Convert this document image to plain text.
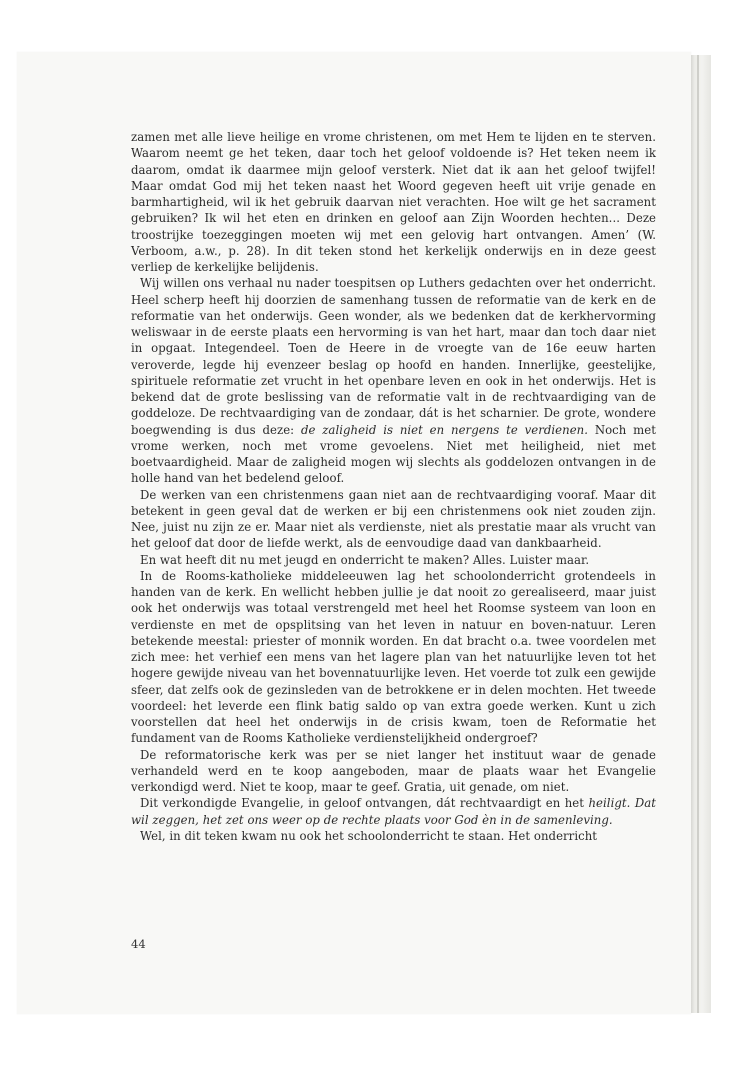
zamen met alle lieve heilige en vrome christenen, om met Hem te lijden en te sterven. Waarom neemt ge het teken, daar toch het geloof voldoende is? Het teken neem ik daarom, omdat ik daarmee mijn geloof versterk. Niet dat ik aan het geloof twijfel! Maar omdat God mij het teken naast het Woord gegeven heeft uit vrije genade en barmhartigheid, wil ik het gebruik daarvan niet verachten. Hoe wilt ge het sacrament gebruiken? Ik wil het eten en drinken en geloof aan Zijn Woorden hechten... Deze troostrijke toezeggingen moeten wij met een gelovig hart ontvangen. Amen’ (W. Verboom, a.w., p. 28). In dit teken stond het kerkelijk onderwijs en in deze geest verliep de kerkelijke belijdenis.

Wij willen ons verhaal nu nader toespitsen op Luthers gedachten over het onderricht. Heel scherp heeft hij doorzien de samenhang tussen de reformatie van de kerk en de reformatie van het onderwijs. Geen wonder, als we bedenken dat de kerkhervorming weliswaar in de eerste plaats een hervorming is van het hart, maar dan toch daar niet in opgaat. Integendeel. Toen de Heere in de vroegte van de 16e eeuw harten veroverde, legde hij evenzeer beslag op hoofd en handen. Innerlijke, geestelijke, spirituele reformatie zet vrucht in het openbare leven en ook in het onderwijs. Het is bekend dat de grote beslissing van de reformatie valt in de rechtvaardiging van de goddeloze. De rechtvaardiging van de zondaar, dát is het scharnier. De grote, wondere boegwending is dus deze: de zaligheid is niet en nergens te verdienen. Noch met vrome werken, noch met vrome gevoelens. Niet met heiligheid, niet met boetvaardigheid. Maar de zaligheid mogen wij slechts als goddelozen ontvangen in de holle hand van het bedelend geloof.

De werken van een christenmens gaan niet aan de rechtvaardiging vooraf. Maar dit betekent in geen geval dat de werken er bij een christenmens ook niet zouden zijn. Nee, juist nu zijn ze er. Maar niet als verdienste, niet als prestatie maar als vrucht van het geloof dat door de liefde werkt, als de eenvoudige daad van dankbaarheid.

En wat heeft dit nu met jeugd en onderricht te maken? Alles. Luister maar.

In de Rooms-katholieke middeleeuwen lag het schoolonderricht grotendeels in handen van de kerk. En wellicht hebben jullie je dat nooit zo gerealiseerd, maar juist ook het onderwijs was totaal verstrengeld met heel het Roomse systeem van loon en verdienste en met de opsplitsing van het leven in natuur en boven-natuur. Leren betekende meestal: priester of monnik worden. En dat bracht o.a. twee voordelen met zich mee: het verhief een mens van het lagere plan van het natuurlijke leven tot het hogere gewijde niveau van het bovennatuurlijke leven. Het voerde tot zulk een gewijde sfeer, dat zelfs ook de gezinsleden van de betrokkene er in delen mochten. Het tweede voordeel: het leverde een flink batig saldo op van extra goede werken. Kunt u zich voorstellen dat heel het onderwijs in de crisis kwam, toen de Reformatie het fundament van de Rooms Katholieke verdienstelijkheid ondergroef?

De reformatorische kerk was per se niet langer het instituut waar de genade verhandeld werd en te koop aangeboden, maar de plaats waar het Evangelie verkondigd werd. Niet te koop, maar te geef. Gratia, uit genade, om niet.

Dit verkondigde Evangelie, in geloof ontvangen, dát rechtvaardigt en het heiligt. Dat wil zeggen, het zet ons weer op de rechte plaats voor God èn in de samenleving.

Wel, in dit teken kwam nu ook het schoolonderricht te staan. Het onderricht

44
